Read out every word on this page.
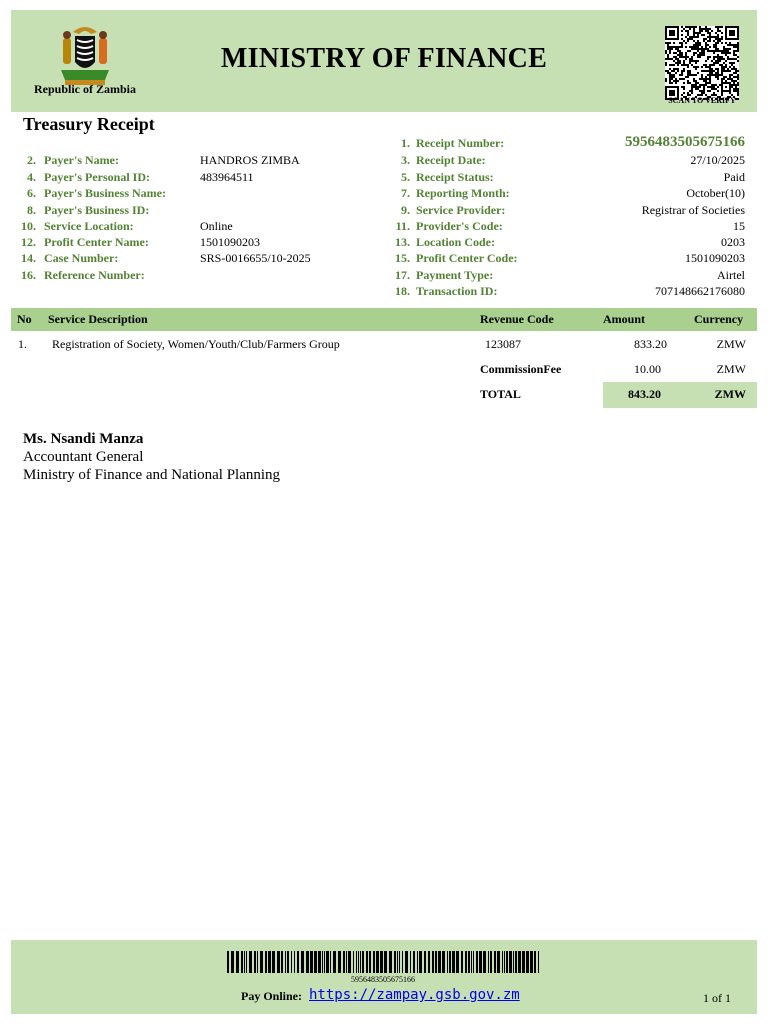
Republic of Zambia
MINISTRY OF FINANCE
SCAN TO VERIFY
Treasury Receipt
2. Payer's Name:	HANDROS ZIMBA
4. Payer's Personal ID:	483964511
6. Payer's Business Name:
8. Payer's Business ID:
10. Service Location:	Online
12. Profit Center Name:	1501090203
14. Case Number:	SRS-0016655/10-2025
16. Reference Number:
1. Receipt Number:	5956483505675166
3. Receipt Date:	27/10/2025
5. Receipt Status:	Paid
7. Reporting Month:	October(10)
9. Service Provider:	Registrar of Societies
11. Provider's Code:	15
13. Location Code:	0203
15. Profit Center Code:	1501090203
17. Payment Type:	Airtel
18. Transaction ID:	707148662176080
No Service Description	Revenue Code	Amount	Currency
1. Registration of Society, Women/Youth/Club/Farmers Group	123087	833.20	ZMW
CommissionFee	10.00	ZMW
TOTAL	843.20	ZMW
Ms. Nsandi Manza
Accountant General
Ministry of Finance and National Planning
5956483505675166
Pay Online: https://zampay.gsb.gov.zm	1 of 1
